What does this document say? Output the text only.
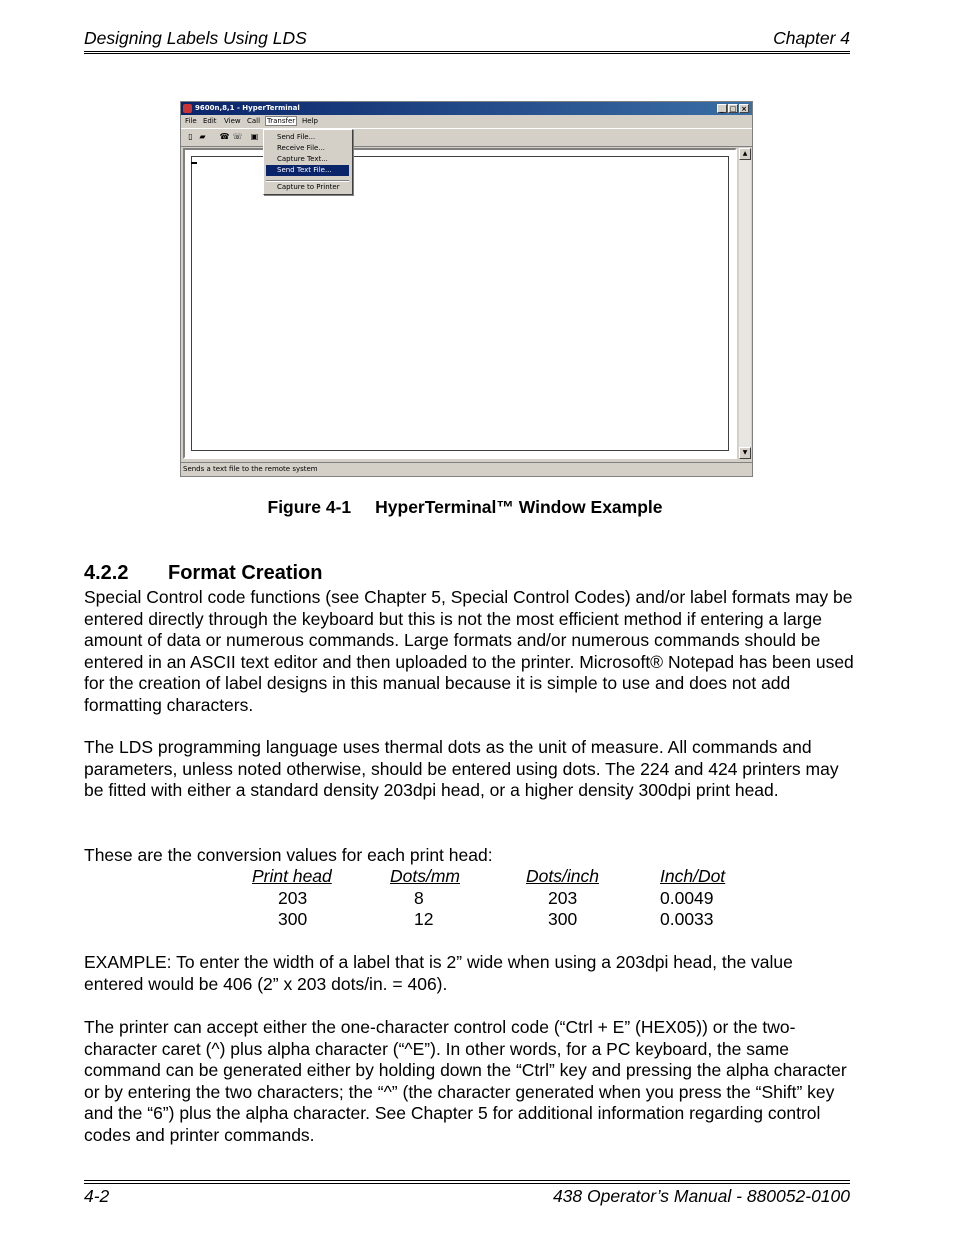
Designing Labels Using LDS	Chapter 4
9600n,8,1 - HyperTerminal	_ □ ×
File Edit View Call Transfer Help
▯ ▰	☎ ☏ ▣
▲
▼
Sends a text file to the remote system
Send File...
Receive File...
Capture Text...
Send Text File...
Capture to Printer
Figure 4-1 HyperTerminal™ Window Example
4.2.2 Format Creation

Special Control code functions (see Chapter 5, Special Control Codes) and/or label formats may be entered directly through the keyboard but this is not the most efficient method if entering a large amount of data or numerous commands. Large formats and/or numerous commands should be entered in an ASCII text editor and then uploaded to the printer. Microsoft® Notepad has been used for the creation of label designs in this manual because it is simple to use and does not add formatting characters.

The LDS programming language uses thermal dots as the unit of measure. All commands and parameters, unless noted otherwise, should be entered using dots. The 224 and 424 printers may be fitted with either a standard density 203dpi head, or a higher density 300dpi print head.

These are the conversion values for each print head:

Print head	Dots/mm	Dots/inch	Inch/Dot
203	8	203	0.0049
300	12	300	0.0033

EXAMPLE: To enter the width of a label that is 2” wide when using a 203dpi head, the value entered would be 406 (2” x 203 dots/in. = 406).

The printer can accept either the one-character control code (“Ctrl + E” (HEX05)) or the two-character caret (^) plus alpha character (“^E”). In other words, for a PC keyboard, the same command can be generated either by holding down the “Ctrl” key and pressing the alpha character or by entering the two characters; the “^” (the character generated when you press the “Shift” key and the “6”) plus the alpha character. See Chapter 5 for additional information regarding control codes and printer commands.

4-2	438 Operator’s Manual - 880052-0100
